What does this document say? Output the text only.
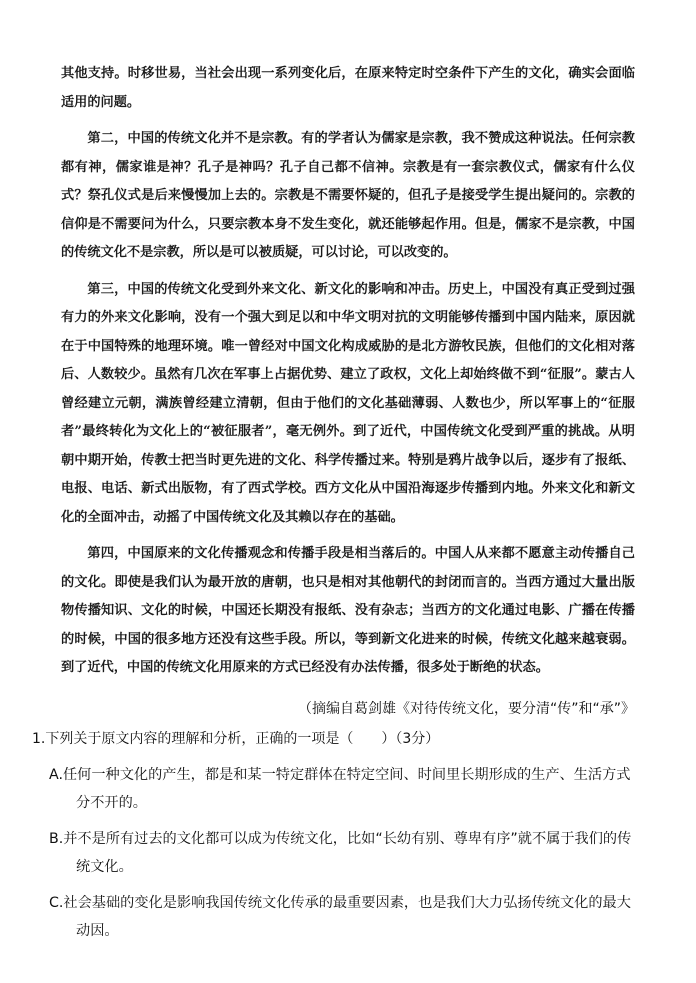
其他支持。时移世易，当社会出现一系列变化后，在原来特定时空条件下产生的文化，确实会面临适用的问题。

第二，中国的传统文化并不是宗教。有的学者认为儒家是宗教，我不赞成这种说法。任何宗教都有神，儒家谁是神？孔子是神吗？孔子自己都不信神。宗教是有一套宗教仪式，儒家有什么仪式？祭孔仪式是后来慢慢加上去的。宗教是不需要怀疑的，但孔子是接受学生提出疑问的。宗教的信仰是不需要问为什么，只要宗教本身不发生变化，就还能够起作用。但是，儒家不是宗教，中国的传统文化不是宗教，所以是可以被质疑，可以讨论，可以改变的。

第三，中国的传统文化受到外来文化、新文化的影响和冲击。历史上，中国没有真正受到过强有力的外来文化影响，没有一个强大到足以和中华文明对抗的文明能够传播到中国内陆来，原因就在于中国特殊的地理环境。唯一曾经对中国文化构成威胁的是北方游牧民族，但他们的文化相对落后、人数较少。虽然有几次在军事上占据优势、建立了政权，文化上却始终做不到“征服”。蒙古人曾经建立元朝，满族曾经建立清朝，但由于他们的文化基础薄弱、人数也少，所以军事上的“征服者”最终转化为文化上的“被征服者”，毫无例外。到了近代，中国传统文化受到严重的挑战。从明朝中期开始，传教士把当时更先进的文化、科学传播过来。特别是鸦片战争以后，逐步有了报纸、电报、电话、新式出版物，有了西式学校。西方文化从中国沿海逐步传播到内地。外来文化和新文化的全面冲击，动摇了中国传统文化及其赖以存在的基础。

第四，中国原来的文化传播观念和传播手段是相当落后的。中国人从来都不愿意主动传播自己的文化。即使是我们认为最开放的唐朝，也只是相对其他朝代的封闭而言的。当西方通过大量出版物传播知识、文化的时候，中国还长期没有报纸、没有杂志；当西方的文化通过电影、广播在传播的时候，中国的很多地方还没有这些手段。所以，等到新文化进来的时候，传统文化越来越衰弱。到了近代，中国的传统文化用原来的方式已经没有办法传播，很多处于断绝的状态。

（摘编自葛剑雄《对待传统文化，要分清“传”和“承”》

1.下列关于原文内容的理解和分析，正确的一项是（　　）（3分）

A.任何一种文化的产生，都是和某一特定群体在特定空间、时间里长期形成的生产、生活方式分不开的。

B.并不是所有过去的文化都可以成为传统文化，比如“长幼有别、尊卑有序”就不属于我们的传统文化。

C.社会基础的变化是影响我国传统文化传承的最重要因素，也是我们大力弘扬传统文化的最大动因。
